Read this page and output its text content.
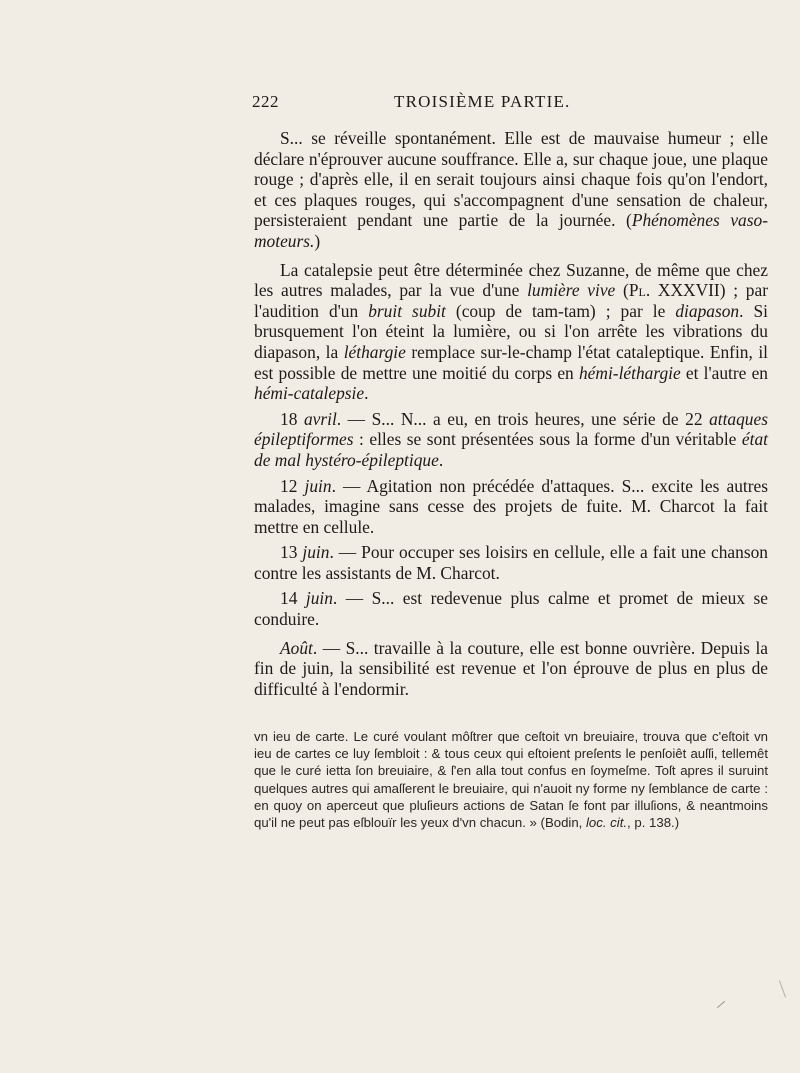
222	TROISIÈME PARTIE.

S... se réveille spontanément. Elle est de mauvaise humeur ; elle déclare n'éprouver aucune souffrance. Elle a, sur chaque joue, une plaque rouge ; d'après elle, il en serait toujours ainsi chaque fois qu'on l'endort, et ces plaques rouges, qui s'accompagnent d'une sensation de chaleur, persisteraient pendant une partie de la journée. (Phénomènes vaso-moteurs.)

La catalepsie peut être déterminée chez Suzanne, de même que chez les autres malades, par la vue d'une lumière vive (Pl. XXXVII) ; par l'audition d'un bruit subit (coup de tam-tam) ; par le diapason. Si brusquement l'on éteint la lumière, ou si l'on arrête les vibrations du diapason, la léthargie remplace sur-le-champ l'état cataleptique. Enfin, il est possible de mettre une moitié du corps en hémi-léthargie et l'autre en hémi-catalepsie.

18 avril. — S... N... a eu, en trois heures, une série de 22 attaques épileptiformes : elles se sont présentées sous la forme d'un véritable état de mal hystéro-épileptique.

12 juin. — Agitation non précédée d'attaques. S... excite les autres malades, imagine sans cesse des projets de fuite. M. Charcot la fait mettre en cellule.

13 juin. — Pour occuper ses loisirs en cellule, elle a fait une chanson contre les assistants de M. Charcot.

14 juin. — S... est redevenue plus calme et promet de mieux se conduire.

Août. — S... travaille à la couture, elle est bonne ouvrière. Depuis la fin de juin, la sensibilité est revenue et l'on éprouve de plus en plus de difficulté à l'endormir.

vn ieu de carte. Le curé voulant môſtrer que ceſtoit vn breuiaire, trouva que c'eſtoit vn ieu de cartes ce luy ſembloit : & tous ceux qui eſtoient preſents le penſoiêt auſſi, tellemêt que le curé ietta ſon breuiaire, & ſ'en alla tout confus en ſoymeſme. Toſt apres il suruint quelques autres qui amaſſerent le breuiaire, qui n'auoit ny forme ny ſemblance de carte : en quoy on aperceut que pluſieurs actions de Satan ſe font par illuſions, & neantmoins qu'il ne peut pas eſblouïr les yeux d'vn chacun. » (Bodin, loc. cit., p. 138.)
